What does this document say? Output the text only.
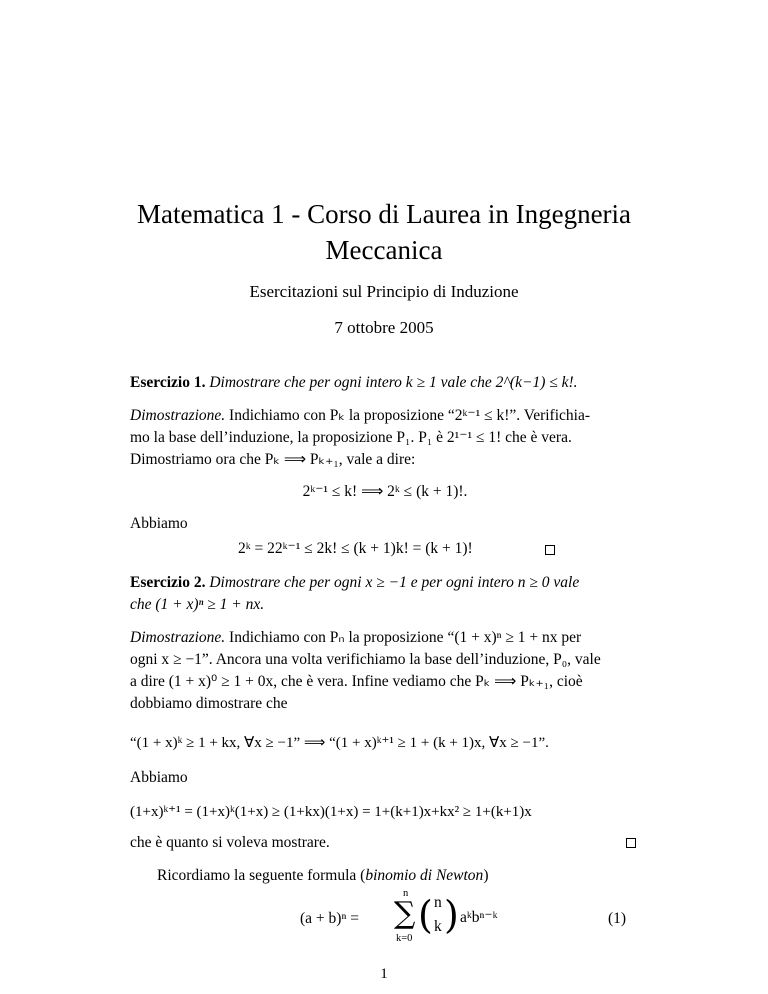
Matematica 1 - Corso di Laurea in Ingegneria
Meccanica
Esercitazioni sul Principio di Induzione
7 ottobre 2005
Esercizio 1. Dimostrare che per ogni intero k ≥ 1 vale che 2^(k−1) ≤ k!.
Dimostrazione. Indichiamo con Pₖ la proposizione “2ᵏ⁻¹ ≤ k!”. Verifichia-
mo la base dell’induzione, la proposizione P₁. P₁ è 2¹⁻¹ ≤ 1! che è vera.
Dimostriamo ora che Pₖ ⟹ Pₖ₊₁, vale a dire:
2ᵏ⁻¹ ≤ k! ⟹ 2ᵏ ≤ (k + 1)!.
Abbiamo
2ᵏ = 22ᵏ⁻¹ ≤ 2k! ≤ (k + 1)k! = (k + 1)!
Esercizio 2. Dimostrare che per ogni x ≥ −1 e per ogni intero n ≥ 0 vale
che (1 + x)ⁿ ≥ 1 + nx.
Dimostrazione. Indichiamo con Pₙ la proposizione “(1 + x)ⁿ ≥ 1 + nx per
ogni x ≥ −1”. Ancora una volta verifichiamo la base dell’induzione, P₀, vale
a dire (1 + x)⁰ ≥ 1 + 0x, che è vera. Infine vediamo che Pₖ ⟹ Pₖ₊₁, cioè
dobbiamo dimostrare che
“(1 + x)ᵏ ≥ 1 + kx, ∀x ≥ −1” ⟹ “(1 + x)ᵏ⁺¹ ≥ 1 + (k + 1)x, ∀x ≥ −1”.
Abbiamo
(1+x)ᵏ⁺¹ = (1+x)ᵏ(1+x) ≥ (1+kx)(1+x) = 1+(k+1)x+kx² ≥ 1+(k+1)x
che è quanto si voleva mostrare.
Ricordiamo la seguente formula (binomio di Newton)
(a + b)ⁿ =
n
∑
k=0
( n
k ) aᵏbⁿ⁻ᵏ	(1)
1
